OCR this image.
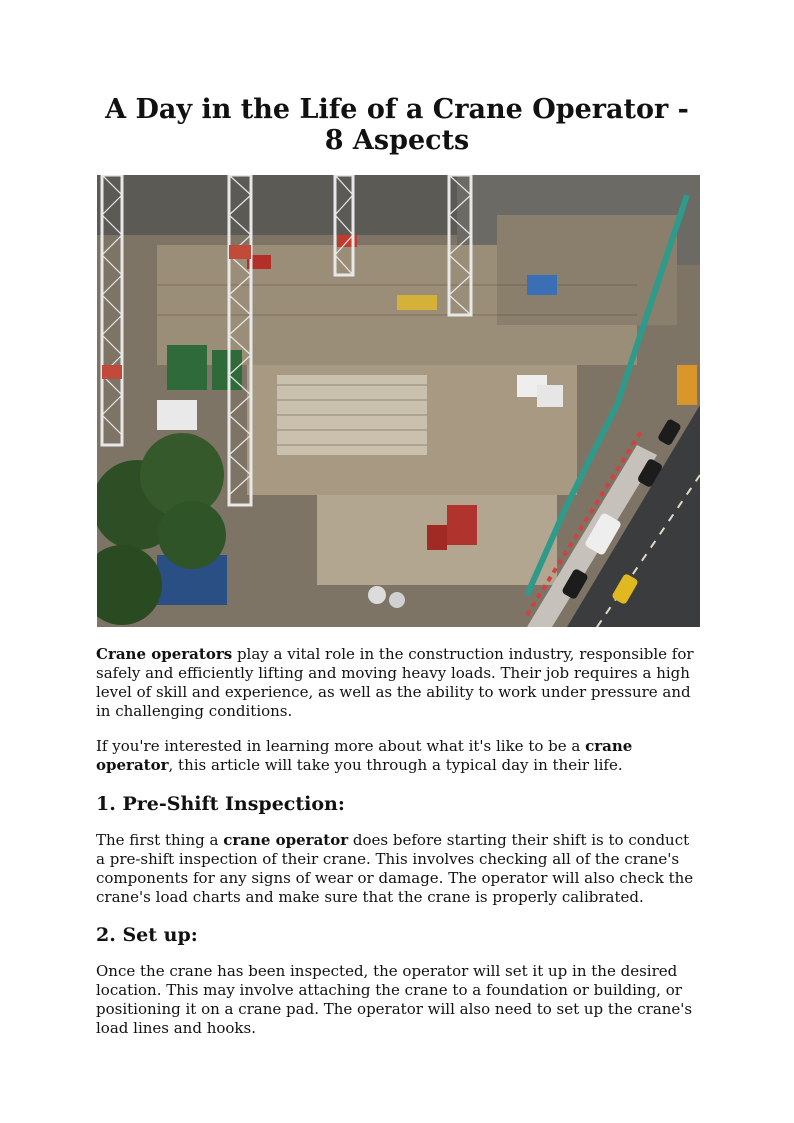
A Day in the Life of a Crane Operator - 8 Aspects

Crane operators play a vital role in the construction industry, responsible for safely and efficiently lifting and moving heavy loads. Their job requires a high level of skill and experience, as well as the ability to work under pressure and in challenging conditions.

If you're interested in learning more about what it's like to be a crane operator, this article will take you through a typical day in their life.

1. Pre-Shift Inspection:

The first thing a crane operator does before starting their shift is to conduct a pre-shift inspection of their crane. This involves checking all of the crane's components for any signs of wear or damage. The operator will also check the crane's load charts and make sure that the crane is properly calibrated.

2. Set up:

Once the crane has been inspected, the operator will set it up in the desired location. This may involve attaching the crane to a foundation or building, or positioning it on a crane pad. The operator will also need to set up the crane's load lines and hooks.
